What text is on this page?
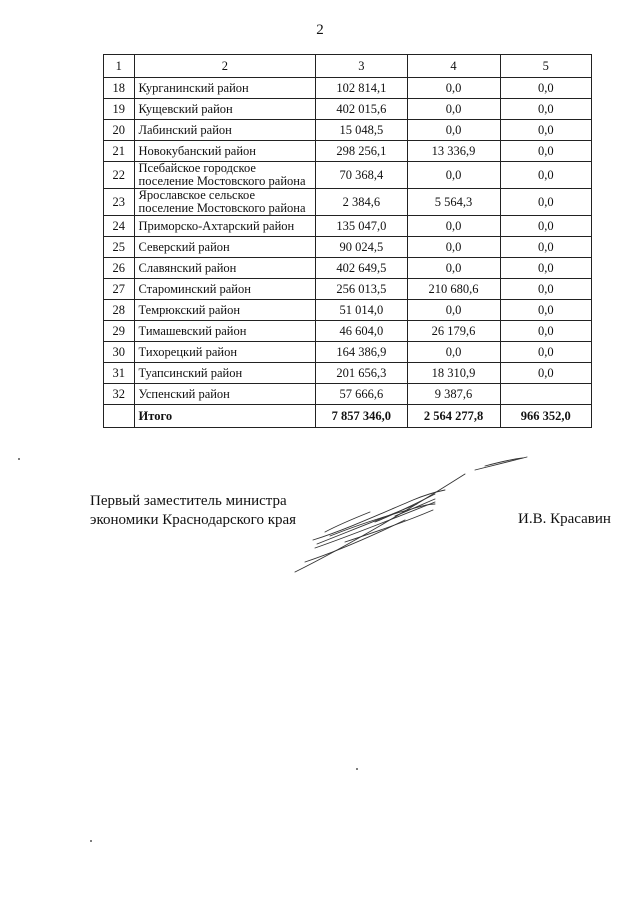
2
1	2	3	4	5
18	Курганинский район	102 814,1	0,0	0,0
19	Кущевский район	402 015,6	0,0	0,0
20	Лабинский район	15 048,5	0,0	0,0
21	Новокубанский район	298 256,1	13 336,9	0,0
22	Псебайское городское поселение Мостовского района	70 368,4	0,0	0,0
23	Ярославское сельское поселение Мостовского района	2 384,6	5 564,3	0,0
24	Приморско-Ахтарский район	135 047,0	0,0	0,0
25	Северский район	90 024,5	0,0	0,0
26	Славянский район	402 649,5	0,0	0,0
27	Староминский район	256 013,5	210 680,6	0,0
28	Темрюкский район	51 014,0	0,0	0,0
29	Тимашевский район	46 604,0	26 179,6	0,0
30	Тихорецкий район	164 386,9	0,0	0,0
31	Туапсинский район	201 656,3	18 310,9	0,0
32	Успенский район	57 666,6	9 387,6	
	Итого	7 857 346,0	2 564 277,8	966 352,0
Первый заместитель министра
экономики Краснодарского края	И.В. Красавин
